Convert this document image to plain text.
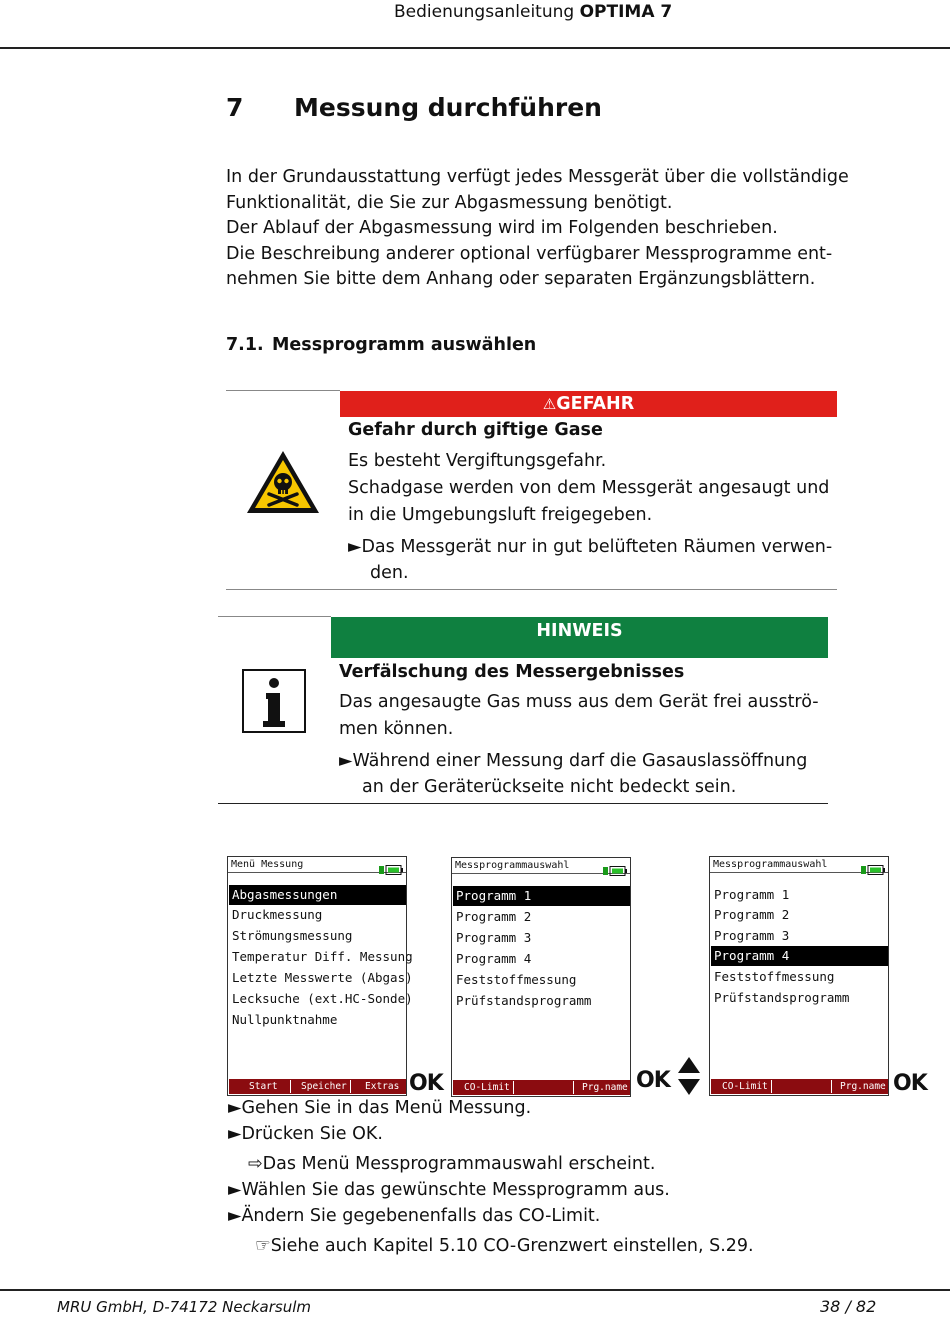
Bedienungsanleitung OPTIMA 7
7 Messung durchführen
In der Grundausstattung verfügt jedes Messgerät über die vollständige
Funktionalität, die Sie zur Abgasmessung benötigt.
Der Ablauf der Abgasmessung wird im Folgenden beschrieben.
Die Beschreibung anderer optional verfügbarer Messprogramme ent-
nehmen Sie bitte dem Anhang oder separaten Ergänzungsblättern.
7.1. Messprogramm auswählen
⚠GEFAHR
Gefahr durch giftige Gase
Es besteht Vergiftungsgefahr.
Schadgase werden von dem Messgerät angesaugt und
in die Umgebungsluft freigegeben.
►Das Messgerät nur in gut belüfteten Räumen verwen-
den.
HINWEIS
Verfälschung des Messergebnisses
Das angesaugte Gas muss aus dem Gerät frei ausströ-
men können.
►Während einer Messung darf die Gasauslassöffnung
an der Geräterückseite nicht bedeckt sein.
Menü Messung
Abgasmessungen
Druckmessung
Strömungsmessung
Temperatur Diff. Messung
Letzte Messwerte (Abgas)
Lecksuche (ext.HC-Sonde)
Nullpunktnahme
Start Speicher Extras OK
Messprogrammauswahl
Programm 1
Programm 2
Programm 3
Programm 4
Feststoffmessung
Prüfstandsprogramm
CO-Limit	Prg.name OK
Messprogrammauswahl
Programm 1
Programm 2
Programm 3
Programm 4
Feststoffmessung
Prüfstandsprogramm
CO-Limit	Prg.name OK
►Gehen Sie in das Menü Messung.
►Drücken Sie OK.
⇨Das Menü Messprogrammauswahl erscheint.
►Wählen Sie das gewünschte Messprogramm aus.
►Ändern Sie gegebenenfalls das CO-Limit.
☞Siehe auch Kapitel 5.10 CO-Grenzwert einstellen, S.29.
MRU GmbH, D-74172 Neckarsulm	38 / 82
